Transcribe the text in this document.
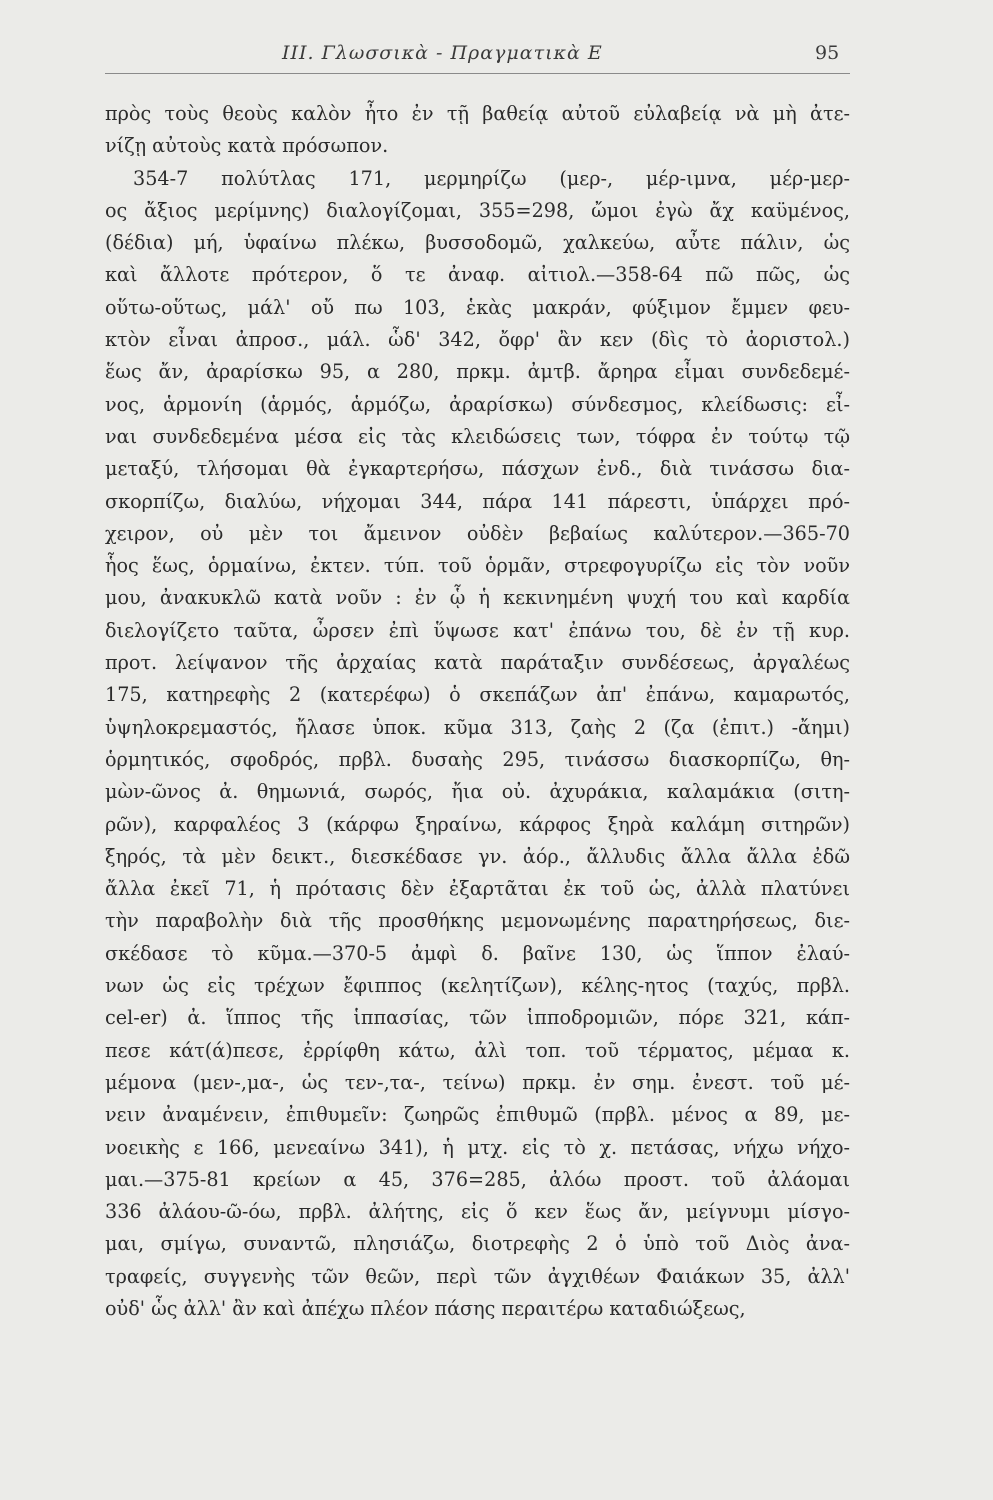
III. Γλωσσικὰ - Πραγματικὰ Ε	95
πρὸς τοὺς θεοὺς καλὸν ἦτο ἐν τῇ βαθείᾳ αὐτοῦ εὐλαβείᾳ νὰ μὴ ἀτε-
νίζῃ αὐτοὺς κατὰ πρόσωπον.
354-7 πολύτλας 171, μερμηρίζω (μερ-, μέρ-ιμνα, μέρ-μερ-
ος ἄξιος μερίμνης) διαλογίζομαι, 355=298, ὤμοι ἐγὼ ἄχ καϋμένος,
(δέδια) μή, ὑφαίνω πλέκω, βυσσοδομῶ, χαλκεύω, αὖτε πάλιν, ὡς
καὶ ἄλλοτε πρότερον, ὅ τε ἀναφ. αἰτιολ.—358-64 πῶ πῶς, ὡς
οὕτω-οὕτως, μάλ' οὔ πω 103, ἑκὰς μακράν, φύξιμον ἔμμεν φευ-
κτὸν εἶναι ἀπροσ., μάλ. ὧδ' 342, ὄφρ' ἂν κεν (δὶς τὸ ἀοριστολ.)
ἕως ἄν, ἀραρίσκω 95, α 280, πρκμ. ἀμτβ. ἄρηρα εἶμαι συνδεδεμέ-
νος, ἁρμονίη (ἁρμός, ἁρμόζω, ἀραρίσκω) σύνδεσμος, κλείδωσις: εἶ-
ναι συνδεδεμένα μέσα εἰς τὰς κλειδώσεις των, τόφρα ἐν τούτῳ τῷ
μεταξύ, τλήσομαι θὰ ἐγκαρτερήσω, πάσχων ἐνδ., διὰ τινάσσω δια-
σκορπίζω, διαλύω, νήχομαι 344, πάρα 141 πάρεστι, ὑπάρχει πρό-
χειρον, οὐ μὲν τοι ἄμεινον οὐδὲν βεβαίως καλύτερον.—365-70
ἧος ἕως, ὁρμαίνω, ἐκτεν. τύπ. τοῦ ὁρμᾶν, στρεφογυρίζω εἰς τὸν νοῦν
μου, ἀνακυκλῶ κατὰ νοῦν : ἐν ᾧ ἡ κεκινημένη ψυχή του καὶ καρδία
διελογίζετο ταῦτα, ὦρσεν ἐπὶ ὕψωσε κατ' ἐπάνω του, δὲ ἐν τῇ κυρ.
προτ. λείψανον τῆς ἀρχαίας κατὰ παράταξιν συνδέσεως, ἀργαλέως
175, κατηρεφὴς 2 (κατερέφω) ὁ σκεπάζων ἀπ' ἐπάνω, καμαρωτός,
ὑψηλοκρεμαστός, ἤλασε ὑποκ. κῦμα 313, ζαὴς 2 (ζα (ἐπιτ.) -ἄημι)
ὁρμητικός, σφοδρός, πρβλ. δυσαὴς 295, τινάσσω διασκορπίζω, θη-
μὼν-ῶνος ἀ. θημωνιά, σωρός, ἤια οὐ. ἀχυράκια, καλαμάκια (σιτη-
ρῶν), καρφαλέος 3 (κάρφω ξηραίνω, κάρφος ξηρὰ καλάμη σιτηρῶν)
ξηρός, τὰ μὲν δεικτ., διεσκέδασε γν. ἀόρ., ἄλλυδις ἄλλα ἄλλα ἐδῶ
ἄλλα ἐκεῖ 71, ἡ πρότασις δὲν ἐξαρτᾶται ἐκ τοῦ ὡς, ἀλλὰ πλατύνει
τὴν παραβολὴν διὰ τῆς προσθήκης μεμονωμένης παρατηρήσεως, διε-
σκέδασε τὸ κῦμα.—370-5 ἀμφὶ δ. βαῖνε 130, ὡς ἵππον ἐλαύ-
νων ὡς εἰς τρέχων ἔφιππος (κελητίζων), κέλης-ητος (ταχύς, πρβλ.
cel-er) ἀ. ἵππος τῆς ἱππασίας, τῶν ἱπποδρομιῶν, πόρε 321, κάπ-
πεσε κάτ(ά)πεσε, ἐρρίφθη κάτω, ἀλὶ τοπ. τοῦ τέρματος, μέμαα κ.
μέμονα (μεν-,μα-, ὡς τεν-,τα-, τείνω) πρκμ. ἐν σημ. ἐνεστ. τοῦ μέ-
νειν ἀναμένειν, ἐπιθυμεῖν: ζωηρῶς ἐπιθυμῶ (πρβλ. μένος α 89, με-
νοεικὴς ε 166, μενεαίνω 341), ἡ μτχ. εἰς τὸ χ. πετάσας, νήχω νήχο-
μαι.—375-81 κρείων α 45, 376=285, ἀλόω προστ. τοῦ ἀλάομαι
336 ἀλάου-ῶ-όω, πρβλ. ἀλήτης, εἰς ὅ κεν ἕως ἄν, μείγνυμι μίσγο-
μαι, σμίγω, συναντῶ, πλησιάζω, διοτρεφὴς 2 ὁ ὑπὸ τοῦ Διὸς ἀνα-
τραφείς, συγγενὴς τῶν θεῶν, περὶ τῶν ἀγχιθέων Φαιάκων 35, ἀλλ'
οὐδ' ὧς ἀλλ' ἂν καὶ ἀπέχω πλέον πάσης περαιτέρω καταδιώξεως,
